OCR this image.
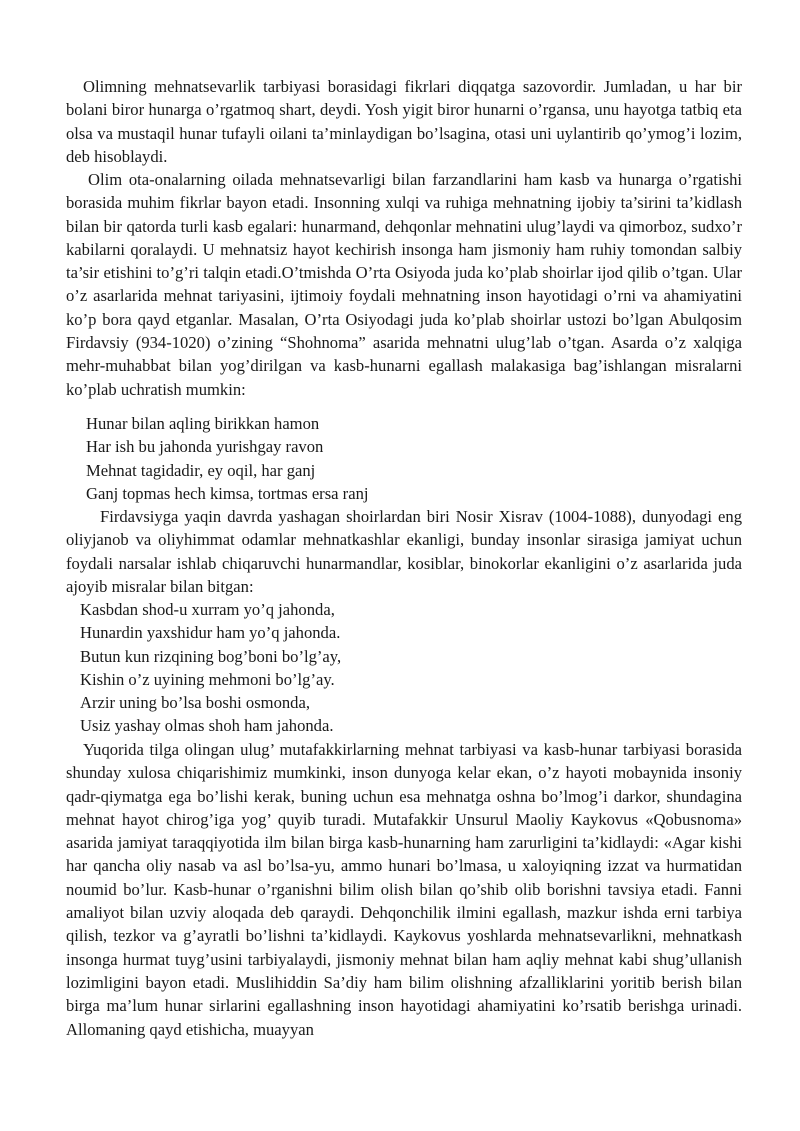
Olimning mehnatsevarlik tarbiyasi borasidagi fikrlari diqqatga sazovordir. Jumladan, u har bir bolani biror hunarga o’rgatmoq shart, deydi. Yosh yigit biror hunarni o’rgansa, unu hayotga tatbiq eta olsa va mustaqil hunar tufayli oilani ta’minlaydigan bo’lsagina, otasi uni uylantirib qo’ymog’i lozim, deb hisoblaydi.

Olim ota-onalarning oilada mehnatsevarligi bilan farzandlarini ham kasb va hunarga o’rgatishi borasida muhim fikrlar bayon etadi. Insonning xulqi va ruhiga mehnatning ijobiy ta’sirini ta’kidlash bilan bir qatorda turli kasb egalari: hunarmand, dehqonlar mehnatini ulug’laydi va qimorboz, sudxo’r kabilarni qoralaydi. U mehnatsiz hayot kechirish insonga ham jismoniy ham ruhiy tomondan salbiy ta’sir etishini to’g’ri talqin etadi.O’tmishda O’rta Osiyoda juda ko’plab shoirlar ijod qilib o’tgan. Ular o’z asarlarida mehnat tariyasini, ijtimoiy foydali mehnatning inson hayotidagi o’rni va ahamiyatini ko’p bora qayd etganlar. Masalan, O’rta Osiyodagi juda ko’plab shoirlar ustozi bo’lgan Abulqosim Firdavsiy (934-1020) o’zining “Shohnoma” asarida mehnatni ulug’lab o’tgan. Asarda o’z xalqiga mehr-muhabbat bilan yog’dirilgan va kasb-hunarni egallash malakasiga bag’ishlangan misralarni ko’plab uchratish mumkin:

Hunar bilan aqling birikkan hamon
Har ish bu jahonda yurishgay ravon
Mehnat tagidadir, ey oqil, har ganj
Ganj topmas hech kimsa, tortmas ersa ranj

Firdavsiyga yaqin davrda yashagan shoirlardan biri Nosir Xisrav (1004-1088), dunyodagi eng oliyjanob va oliyhimmat odamlar mehnatkashlar ekanligi, bunday insonlar sirasiga jamiyat uchun foydali narsalar ishlab chiqaruvchi hunarmandlar, kosiblar, binokorlar ekanligini o’z asarlarida juda ajoyib misralar bilan bitgan:

Kasbdan shod-u xurram yo’q jahonda,
Hunardin yaxshidur ham yo’q jahonda.
Butun kun rizqining bog’boni bo’lg’ay,
Kishin o’z uyining mehmoni bo’lg’ay.
Arzir uning bo’lsa boshi osmonda,
Usiz yashay olmas shoh ham jahonda.

Yuqorida tilga olingan ulug’ mutafakkirlarning mehnat tarbiyasi va kasb-hunar tarbiyasi borasida shunday xulosa chiqarishimiz mumkinki, inson dunyoga kelar ekan, o’z hayoti mobaynida insoniy qadr-qiymatga ega bo’lishi kerak, buning uchun esa mehnatga oshna bo’lmog’i darkor, shundagina mehnat hayot chirog’iga yog’ quyib turadi. Mutafakkir Unsurul Maoliy Kaykovus «Qobusnoma» asarida jamiyat taraqqiyotida ilm bilan birga kasb-hunarning ham zarurligini ta’kidlaydi: «Agar kishi har qancha oliy nasab va asl bo’lsa-yu, ammo hunari bo’lmasa, u xaloyiqning izzat va hurmatidan noumid bo’lur. Kasb-hunar o’rganishni bilim olish bilan qo’shib olib borishni tavsiya etadi. Fanni amaliyot bilan uzviy aloqada deb qaraydi. Dehqonchilik ilmini egallash, mazkur ishda erni tarbiya qilish, tezkor va g’ayratli bo’lishni ta’kidlaydi. Kaykovus yoshlarda mehnatsevarlikni, mehnatkash insonga hurmat tuyg’usini tarbiyalaydi, jismoniy mehnat bilan ham aqliy mehnat kabi shug’ullanish lozimligini bayon etadi. Muslihiddin Sa’diy ham bilim olishning afzalliklarini yoritib berish bilan birga ma’lum hunar sirlarini egallashning inson hayotidagi ahamiyatini ko’rsatib berishga urinadi. Allomaning qayd etishicha, muayyan
